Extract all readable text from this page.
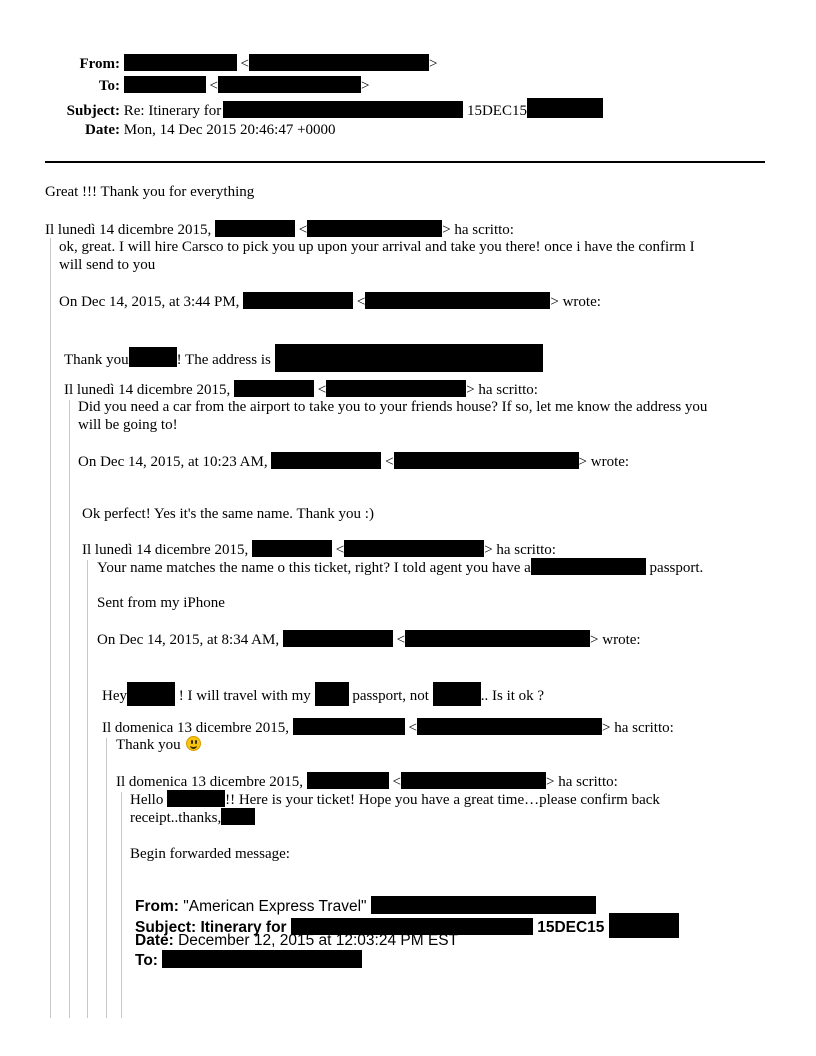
From:	<	>
To:	<	>
Subject: Re: Itinerary for	15DEC15
Date: Mon, 14 Dec 2015 20:46:47 +0000
Great !!! Thank you for everything
Il lunedì 14 dicembre 2015,	<	> ha scritto:
ok, great. I will hire Carsco to pick you up upon your arrival and take you there! once i have the confirm I
will send to you
On Dec 14, 2015, at 3:44 PM,	<	> wrote:
Thank you	! The address is
Il lunedì 14 dicembre 2015,	<	> ha scritto:
Did you need a car from the airport to take you to your friends house? If so, let me know the address you
will be going to!
On Dec 14, 2015, at 10:23 AM,	<	> wrote:
Ok perfect! Yes it's the same name. Thank you :)
Il lunedì 14 dicembre 2015,	<	> ha scritto:
Your name matches the name o this ticket, right? I told agent you have a	passport.
Sent from my iPhone
On Dec 14, 2015, at 8:34 AM,	<	> wrote:
Hey	! I will travel with my	passport, not	.. Is it ok ?
Il domenica 13 dicembre 2015,	<	> ha scritto:
Thank you
Il domenica 13 dicembre 2015,	<	> ha scritto:
Hello	!! Here is your ticket! Hope you have a great time…please confirm back
receipt..thanks,
Begin forwarded message:
From: "American Express Travel"
Subject: Itinerary for	15DEC15
Date: December 12, 2015 at 12:03:24 PM EST
To:
